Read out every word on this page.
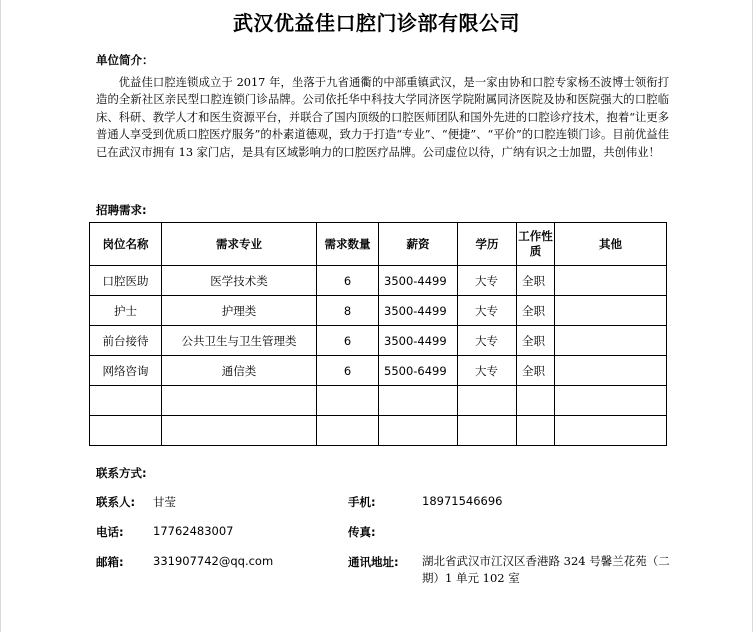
武汉优益佳口腔门诊部有限公司
单位简介：
优益佳口腔连锁成立于 2017 年，坐落于九省通衢的中部重镇武汉，是一家由协和口腔专家杨丕波博士领衔打造的全新社区亲民型口腔连锁门诊品牌。公司依托华中科技大学同济医学院附属同济医院及协和医院强大的口腔临床、科研、教学人才和医生资源平台，并联合了国内顶级的口腔医师团队和国外先进的口腔诊疗技术，抱着“让更多普通人享受到优质口腔医疗服务”的朴素道德观，致力于打造“专业”、“便捷”、“平价”的口腔连锁门诊。目前优益佳已在武汉市拥有 13 家门店，是具有区域影响力的口腔医疗品牌。公司虚位以待，广纳有识之士加盟，共创伟业！
招聘需求:
岗位名称	需求专业	需求数量	薪资	学历	工作性质	其他
口腔医助	医学技术类	6	3500-4499	大专	全职	
护士	护理类	8	3500-4499	大专	全职	
前台接待	公共卫生与卫生管理类	6	3500-4499	大专	全职	
网络咨询	通信类	6	5500-6499	大专	全职	

联系方式:
联系人: 甘莹	手机:	18971546696
电话:	17762483007	传真:
邮箱:	331907742@qq.com	通讯地址: 湖北省武汉市江汉区香港路 324 号馨兰花苑（二期）1 单元 102 室
